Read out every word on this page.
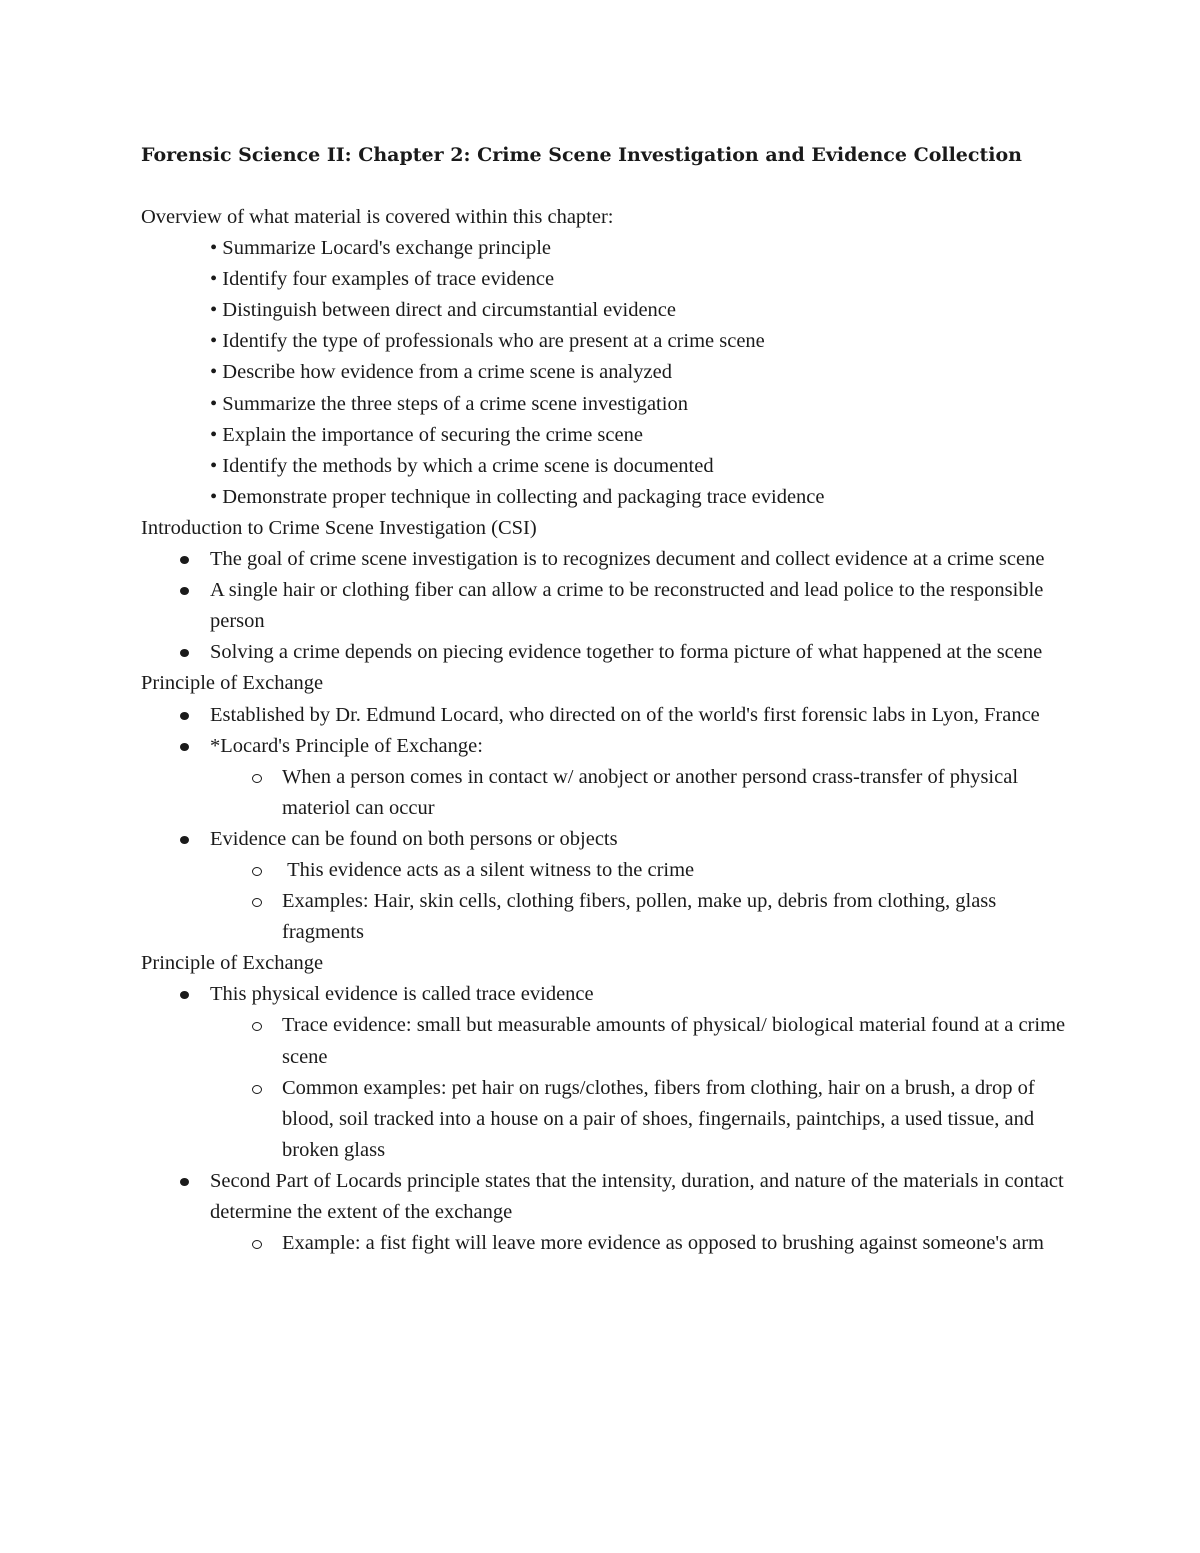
Forensic Science II: Chapter 2: Crime Scene Investigation and Evidence Collection

Overview of what material is covered within this chapter:

• Summarize Locard's exchange principle
• Identify four examples of trace evidence
• Distinguish between direct and circumstantial evidence
• Identify the type of professionals who are present at a crime scene
• Describe how evidence from a crime scene is analyzed
• Summarize the three steps of a crime scene investigation
• Explain the importance of securing the crime scene
• Identify the methods by which a crime scene is documented
• Demonstrate proper technique in collecting and packaging trace evidence

Introduction to Crime Scene Investigation (CSI)

The goal of crime scene investigation is to recognizes decument and collect evidence at a crime scene
A single hair or clothing fiber can allow a crime to be reconstructed and lead police to the responsible person
Solving a crime depends on piecing evidence together to forma picture of what happened at the scene

Principle of Exchange

Established by Dr. Edmund Locard, who directed on of the world's first forensic labs in Lyon, France
*Locard's Principle of Exchange:
When a person comes in contact w/ anobject or another persond crass-transfer of physical materiol can occur
Evidence can be found on both persons or objects
This evidence acts as a silent witness to the crime
Examples: Hair, skin cells, clothing fibers, pollen, make up, debris from clothing, glass fragments

Principle of Exchange

This physical evidence is called trace evidence
Trace evidence: small but measurable amounts of physical/ biological material found at a crime scene
Common examples: pet hair on rugs/clothes, fibers from clothing, hair on a brush, a drop of blood, soil tracked into a house on a pair of shoes, fingernails, paintchips, a used tissue, and broken glass
Second Part of Locards principle states that the intensity, duration, and nature of the materials in contact determine the extent of the exchange
Example: a fist fight will leave more evidence as opposed to brushing against someone's arm
